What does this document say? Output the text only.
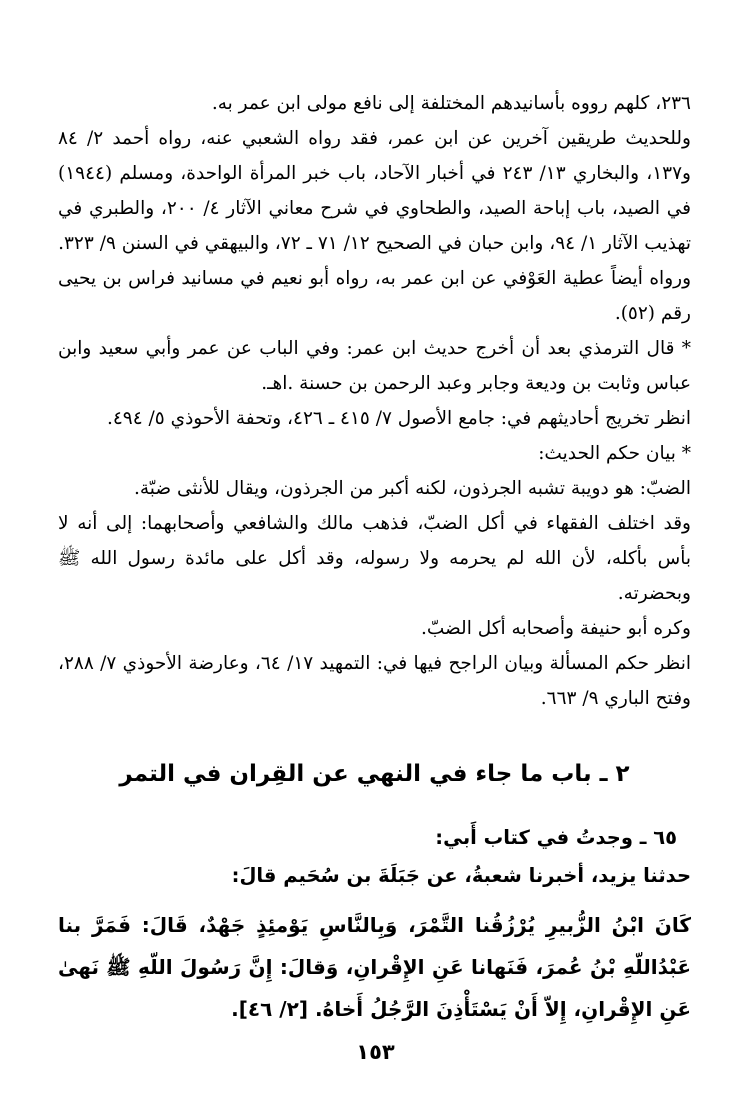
٢٣٦، كلهم رووه بأسانيدهم المختلفة إلى نافع مولى ابن عمر به.

وللحديث طريقين آخرين عن ابن عمر، فقد رواه الشعبي عنه، رواه أحمد ٢/ ٨٤ و١٣٧، والبخاري ١٣/ ٢٤٣ في أخبار الآحاد، باب خبر المرأة الواحدة، ومسلم (١٩٤٤) في الصيد، باب إباحة الصيد، والطحاوي في شرح معاني الآثار ٤/ ٢٠٠، والطبري في تهذيب الآثار ١/ ٩٤، وابن حبان في الصحيح ١٢/ ٧١ ـ ٧٢، والبيهقي في السنن ٩/ ٣٢٣.

ورواه أيضاً عطية العَوْفي عن ابن عمر به، رواه أبو نعيم في مسانيد فراس بن يحيى رقم (٥٢).

* قال الترمذي بعد أن أخرج حديث ابن عمر: وفي الباب عن عمر وأبي سعيد وابن عباس وثابت بن وديعة وجابر وعبد الرحمن بن حسنة .اهـ.

انظر تخريج أحاديثهم في: جامع الأصول ٧/ ٤١٥ ـ ٤٢٦، وتحفة الأحوذي ٥/ ٤٩٤.

* بيان حكم الحديث:

الضبّ: هو دويبة تشبه الجرذون، لكنه أكبر من الجرذون، ويقال للأنثى ضبّة.

وقد اختلف الفقهاء في أكل الضبّ، فذهب مالك والشافعي وأصحابهما: إلى أنه لا بأس بأكله، لأن الله لم يحرمه ولا رسوله، وقد أكل على مائدة رسول الله ﷺ وبحضرته.

وكره أبو حنيفة وأصحابه أكل الضبّ.

انظر حكم المسألة وبيان الراجح فيها في: التمهيد ١٧/ ٦٤، وعارضة الأحوذي ٧/ ٢٨٨، وفتح الباري ٩/ ٦٦٣.

٢ ـ باب ما جاء في النهي عن القِران في التمر

٦٥ ـ وجدتُ في كتاب أَبي:

حدثنا يزيد، أخبرنا شعبةُ، عن جَبَلَةَ بن سُحَيم قالَ:

كَانَ ابْنُ الزُّبيرِ يُرْزُقُنا التَّمْرَ، وَبِالنَّاسِ يَوْمئِذٍ جَهْدٌ، قَالَ: فَمَرَّ بنا عَبْدُاللّهِ بْنُ عُمرَ، فَنَهانا عَنِ الإِقْرانِ، وَقالَ: إِنَّ رَسُولَ اللّهِ ﷺ نَهىٰ عَنِ الإِقْرانِ، إِلاّ أَنْ يَسْتَأْذِنَ الرَّجُلُ أَخاهُ. [٢/ ٤٦].

١٥٣
